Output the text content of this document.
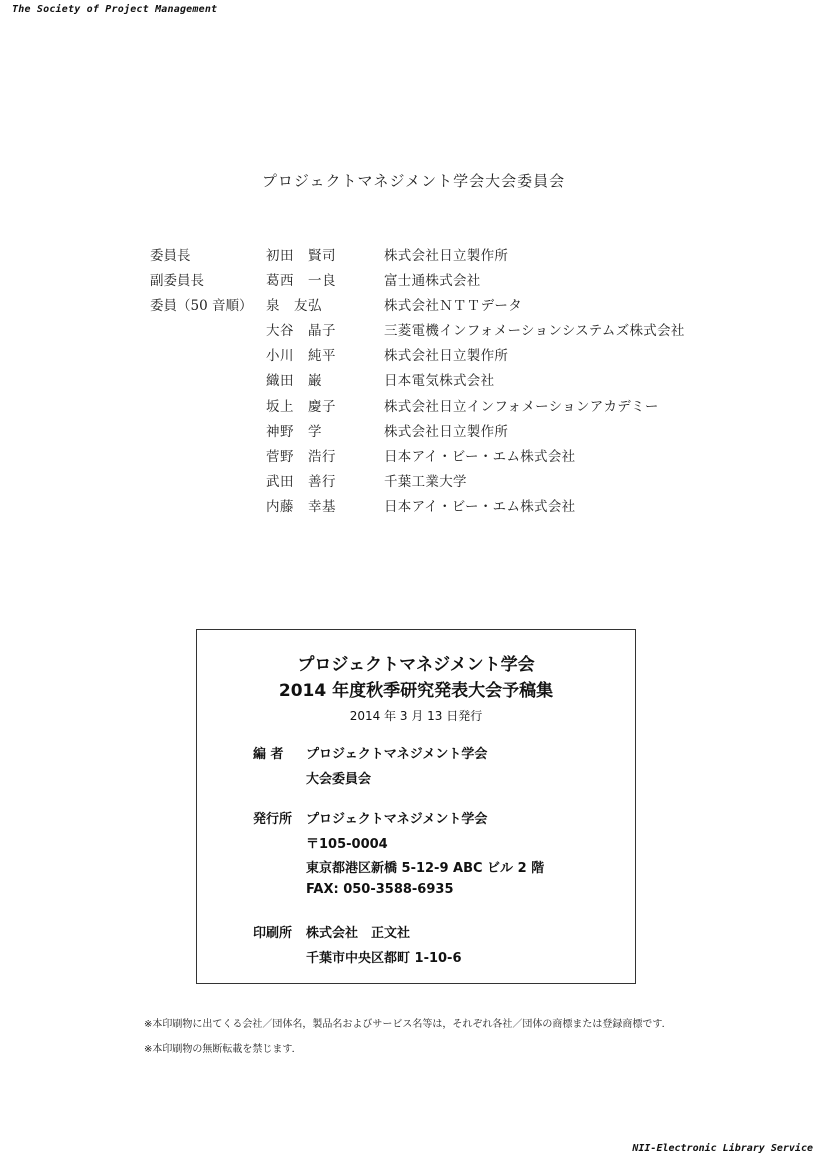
The Society of Project Management
プロジェクトマネジメント学会大会委員会
委員長	初田　賢司	株式会社日立製作所
副委員長	葛西　一良	富士通株式会社
委員（50 音順） 泉　友弘	株式会社ＮＴＴデータ
大谷　晶子	三菱電機インフォメーションシステムズ株式会社
小川　純平	株式会社日立製作所
織田　巌	日本電気株式会社
坂上　慶子	株式会社日立インフォメーションアカデミー
神野　学	株式会社日立製作所
菅野　浩行	日本アイ・ビー・エム株式会社
武田　善行	千葉工業大学
内藤　幸基	日本アイ・ビー・エム株式会社
プロジェクトマネジメント学会
2014 年度秋季研究発表大会予稿集
2014 年 3 月 13 日発行
編 者 プロジェクトマネジメント学会
大会委員会
発行所 プロジェクトマネジメント学会
〒105-0004
東京都港区新橋 5-12-9 ABC ビル 2 階
FAX: 050-3588-6935
印刷所 株式会社　正文社
千葉市中央区都町 1-10-6
※本印刷物に出てくる会社／団体名，製品名およびサービス名等は，それぞれ各社／団体の商標または登録商標です．
※本印刷物の無断転載を禁じます．
NII-Electronic Library Service
